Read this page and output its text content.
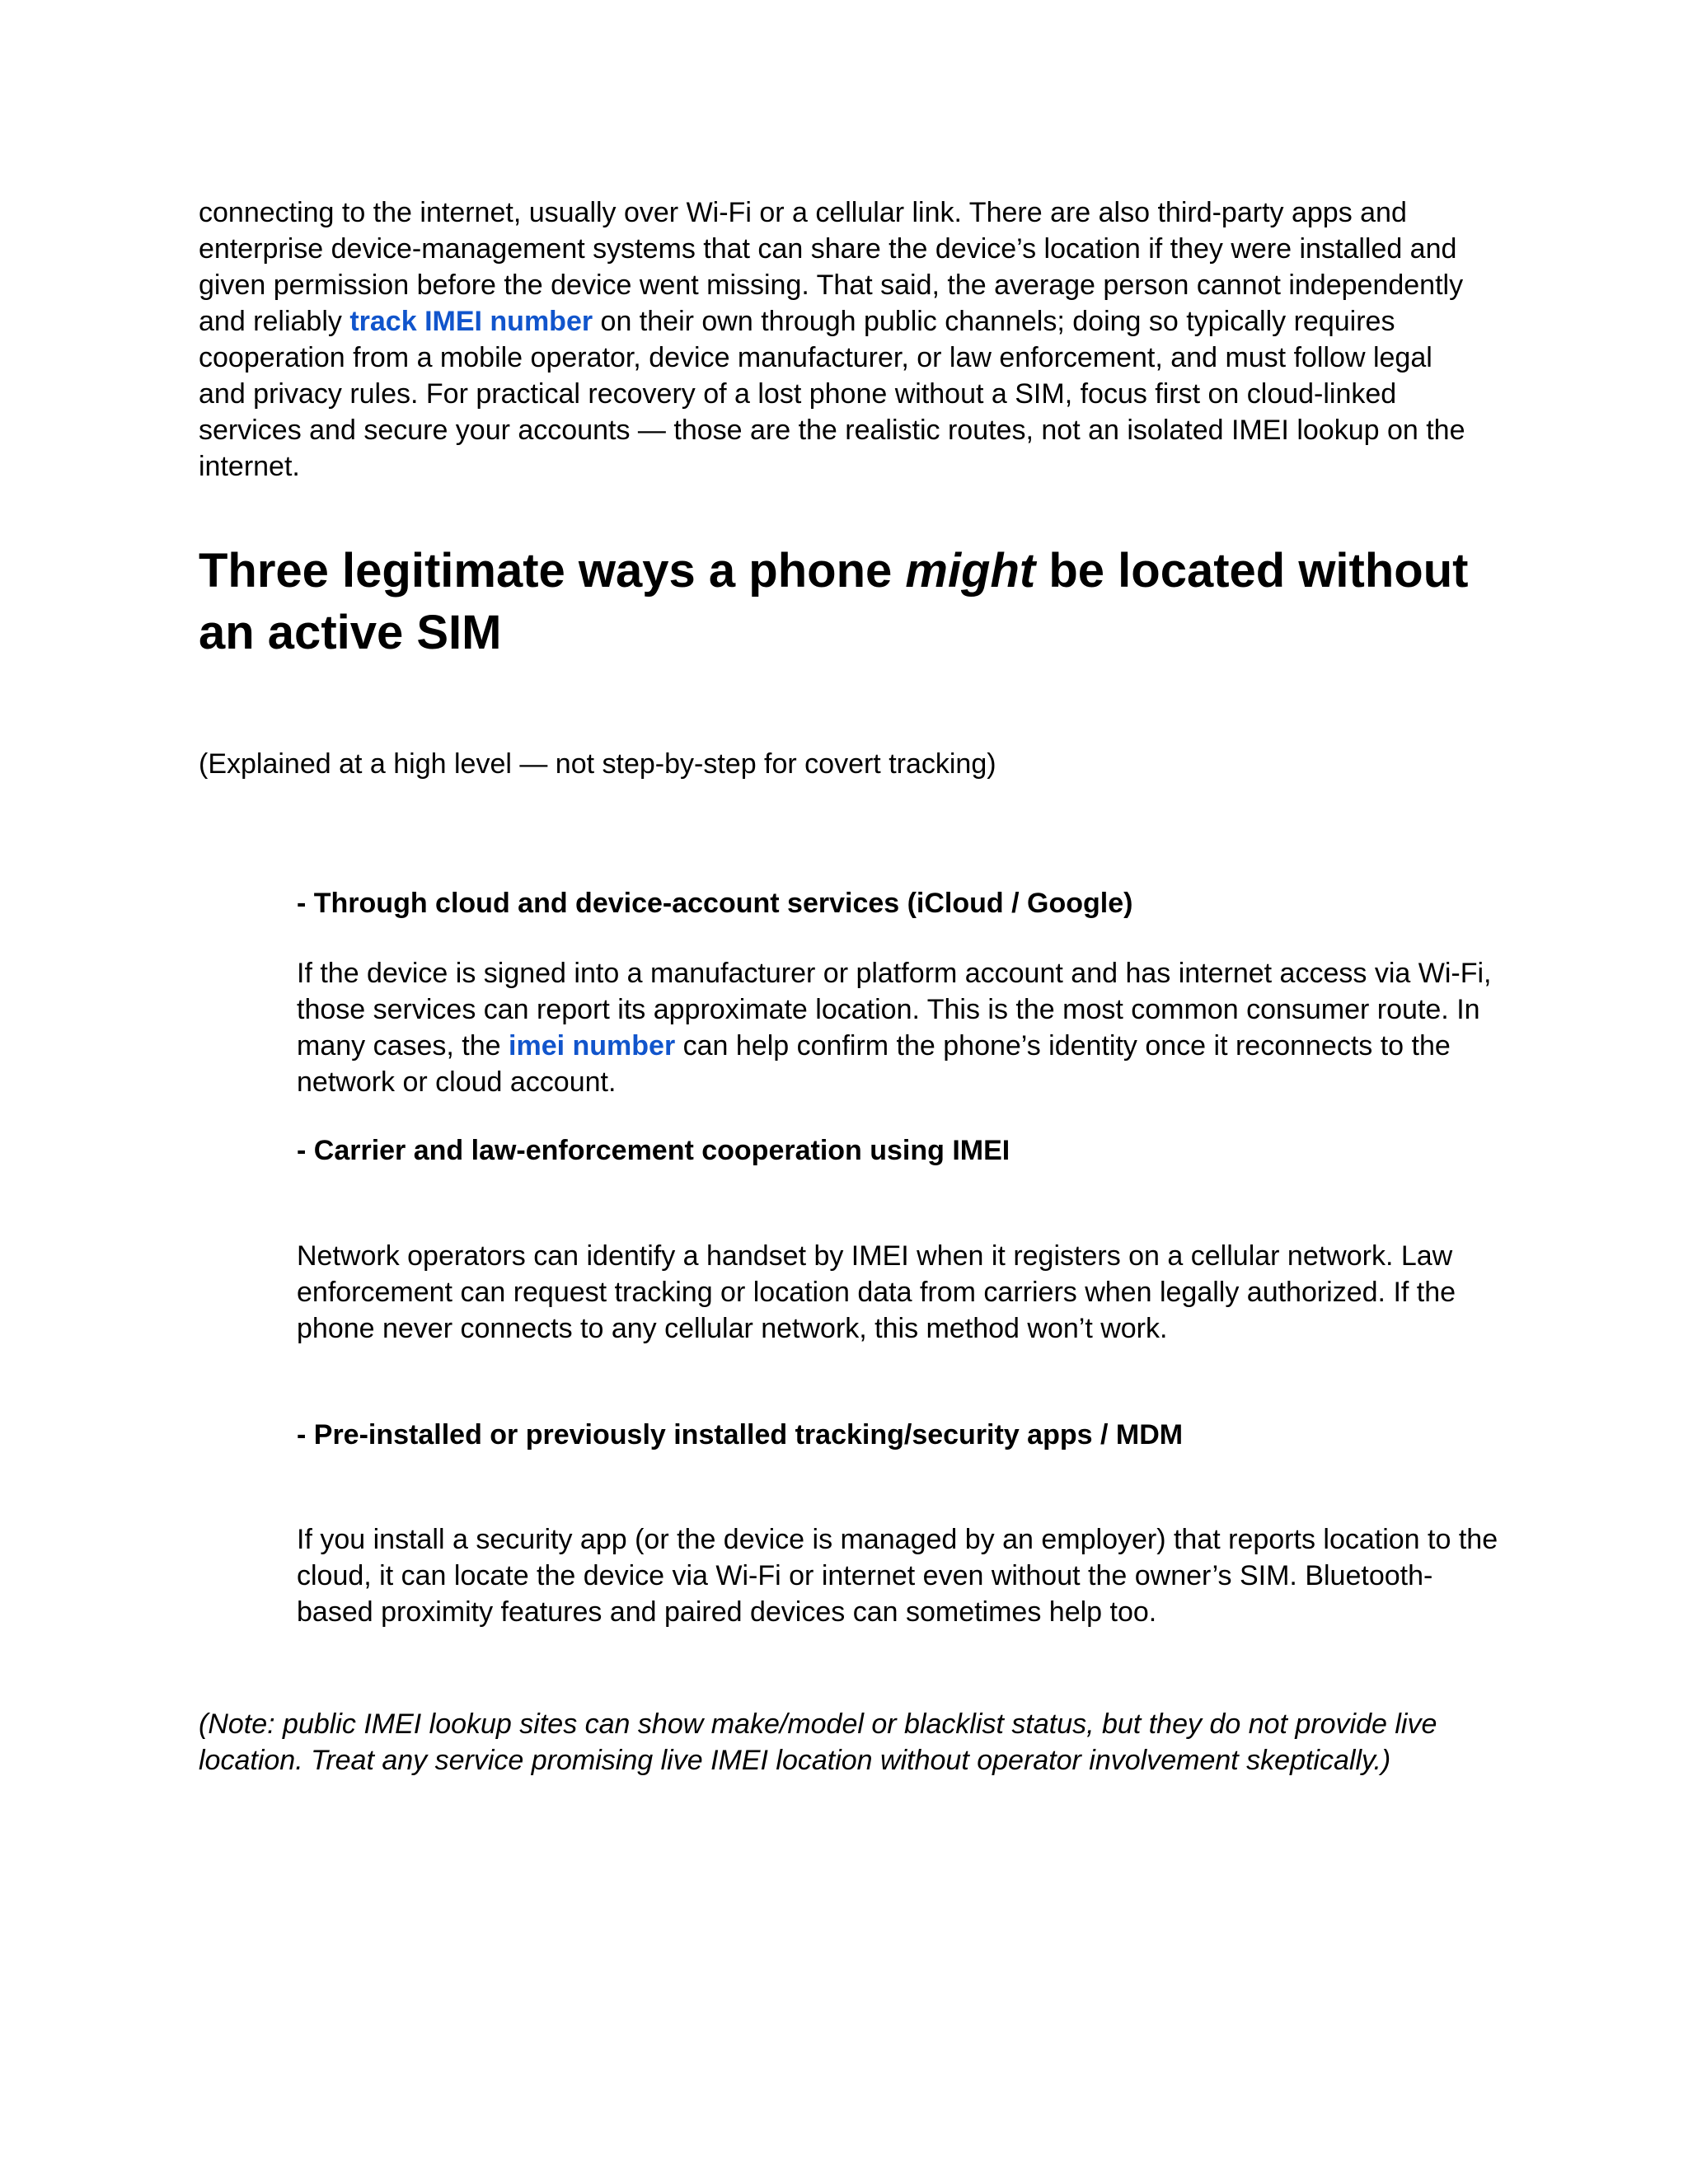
connecting to the internet, usually over Wi-Fi or a cellular link. There are also third-party apps and enterprise device-management systems that can share the device’s location if they were installed and given permission before the device went missing. That said, the average person cannot independently and reliably track IMEI number on their own through public channels; doing so typically requires cooperation from a mobile operator, device manufacturer, or law enforcement, and must follow legal and privacy rules. For practical recovery of a lost phone without a SIM, focus first on cloud-linked services and secure your accounts — those are the realistic routes, not an isolated IMEI lookup on the internet.

Three legitimate ways a phone might be located without an active SIM

(Explained at a high level — not step-by-step for covert tracking)

- Through cloud and device-account services (iCloud / Google)

If the device is signed into a manufacturer or platform account and has internet access via Wi-Fi, those services can report its approximate location. This is the most common consumer route. In many cases, the imei number can help confirm the phone’s identity once it reconnects to the network or cloud account.

- Carrier and law-enforcement cooperation using IMEI

Network operators can identify a handset by IMEI when it registers on a cellular network. Law enforcement can request tracking or location data from carriers when legally authorized. If the phone never connects to any cellular network, this method won’t work.

- Pre-installed or previously installed tracking/security apps / MDM

If you install a security app (or the device is managed by an employer) that reports location to the cloud, it can locate the device via Wi-Fi or internet even without the owner’s SIM. Bluetooth-based proximity features and paired devices can sometimes help too.

(Note: public IMEI lookup sites can show make/model or blacklist status, but they do not provide live location. Treat any service promising live IMEI location without operator involvement skeptically.)
